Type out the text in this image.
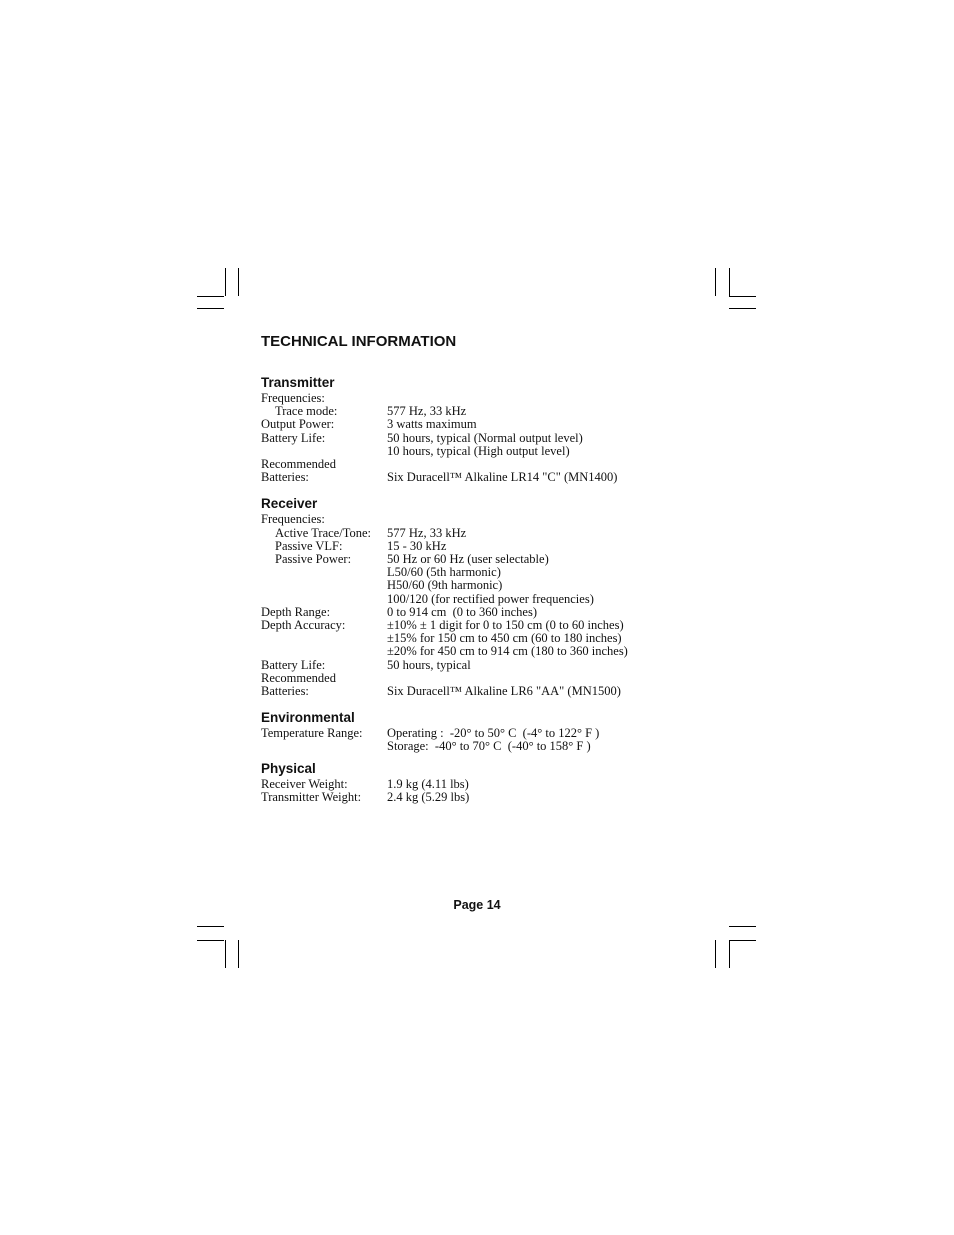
TECHNICAL INFORMATION
Transmitter
Frequencies:
Trace mode:	577 Hz, 33 kHz
Output Power:	3 watts maximum
Battery Life:	50 hours, typical (Normal output level)
10 hours, typical (High output level)
Recommended
Batteries:	Six Duracell™ Alkaline LR14 "C" (MN1400)
Receiver
Frequencies:
Active Trace/Tone:	577 Hz, 33 kHz
Passive VLF:	15 - 30 kHz
Passive Power:	50 Hz or 60 Hz (user selectable)
L50/60 (5th harmonic)
H50/60 (9th harmonic)
100/120 (for rectified power frequencies)
Depth Range:	0 to 914 cm  (0 to 360 inches)
Depth Accuracy:	±10% ± 1 digit for 0 to 150 cm (0 to 60 inches)
±15% for 150 cm to 450 cm (60 to 180 inches)
±20% for 450 cm to 914 cm (180 to 360 inches)
Battery Life:	50 hours, typical
Recommended
Batteries:	Six Duracell™ Alkaline LR6 "AA" (MN1500)
Environmental
Temperature Range:	Operating :  -20° to 50° C  (-4° to 122° F )
Storage:  -40° to 70° C  (-40° to 158° F )
Physical
Receiver Weight:	1.9 kg (4.11 lbs)
Transmitter Weight:	2.4 kg (5.29 lbs)
Page 14
